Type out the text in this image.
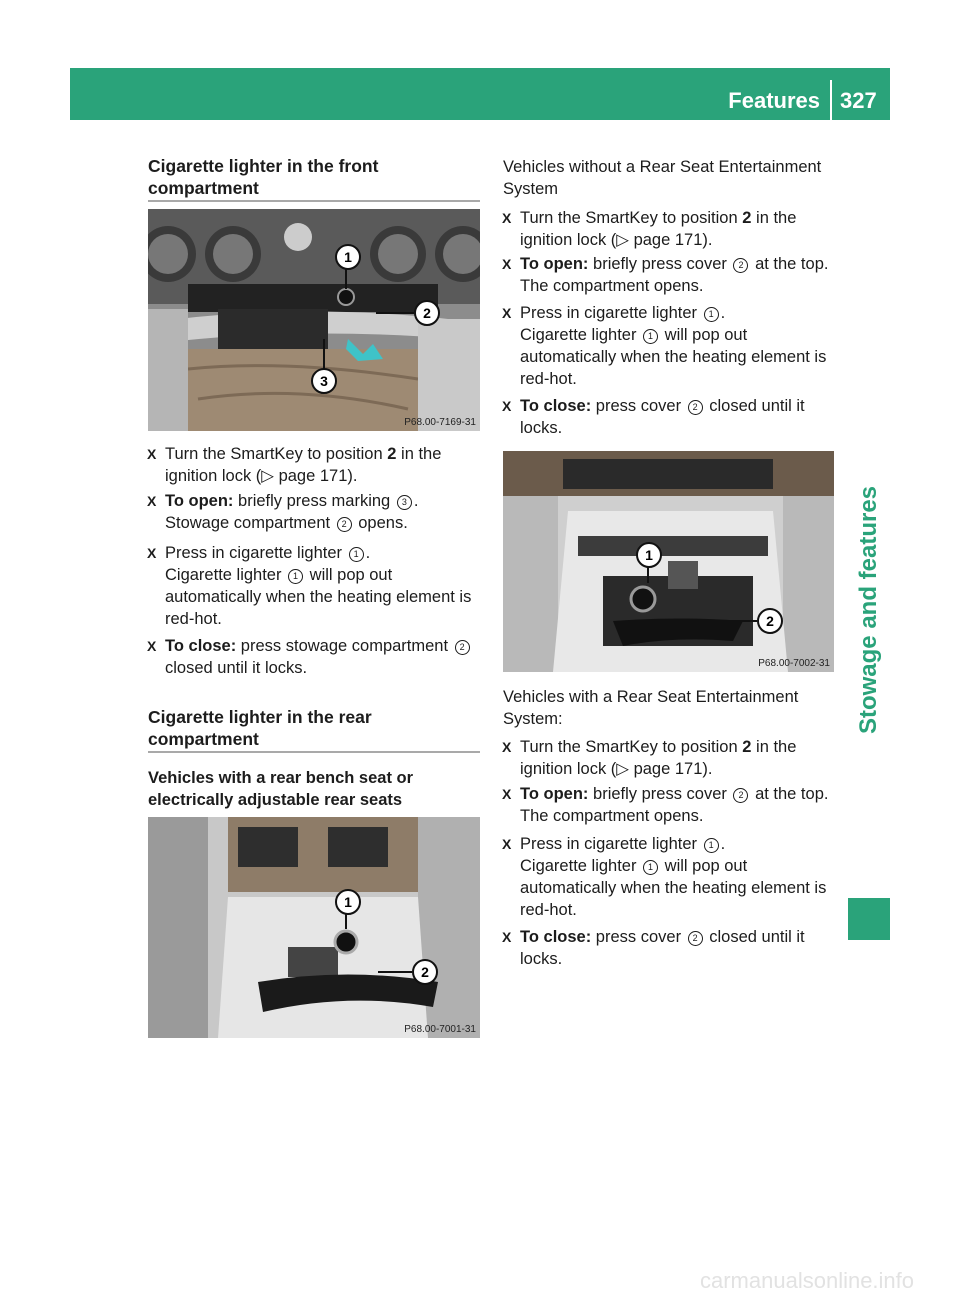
Features 327
Stowage and features
Cigarette lighter in the front
compartment
1
2
3
P68.00-7169-31
X Turn the SmartKey to position 2 in the
ignition lock (▷ page 171).
X To open: briefly press marking 3 .
Stowage compartment 2 opens.
X Press in cigarette lighter 1 .
Cigarette lighter 1 will pop out
automatically when the heating element is
red-hot.
X To close: press stowage compartment 2
closed until it locks.
Cigarette lighter in the rear
compartment
Vehicles with a rear bench seat or
electrically adjustable rear seats
1
2
P68.00-7001-31
Vehicles without a Rear Seat Entertainment
System
X Turn the SmartKey to position 2 in the
ignition lock (▷ page 171).
X To open: briefly press cover 2 at the top.
The compartment opens.
X Press in cigarette lighter 1 .
Cigarette lighter 1 will pop out
automatically when the heating element is
red-hot.
X To close: press cover 2 closed until it
locks.
1
2
P68.00-7002-31
Vehicles with a Rear Seat Entertainment
System:
X Turn the SmartKey to position 2 in the
ignition lock (▷ page 171).
X To open: briefly press cover 2 at the top.
The compartment opens.
X Press in cigarette lighter 1 .
Cigarette lighter 1 will pop out
automatically when the heating element is
red-hot.
X To close: press cover 2 closed until it
locks.
carmanualsonline.info
